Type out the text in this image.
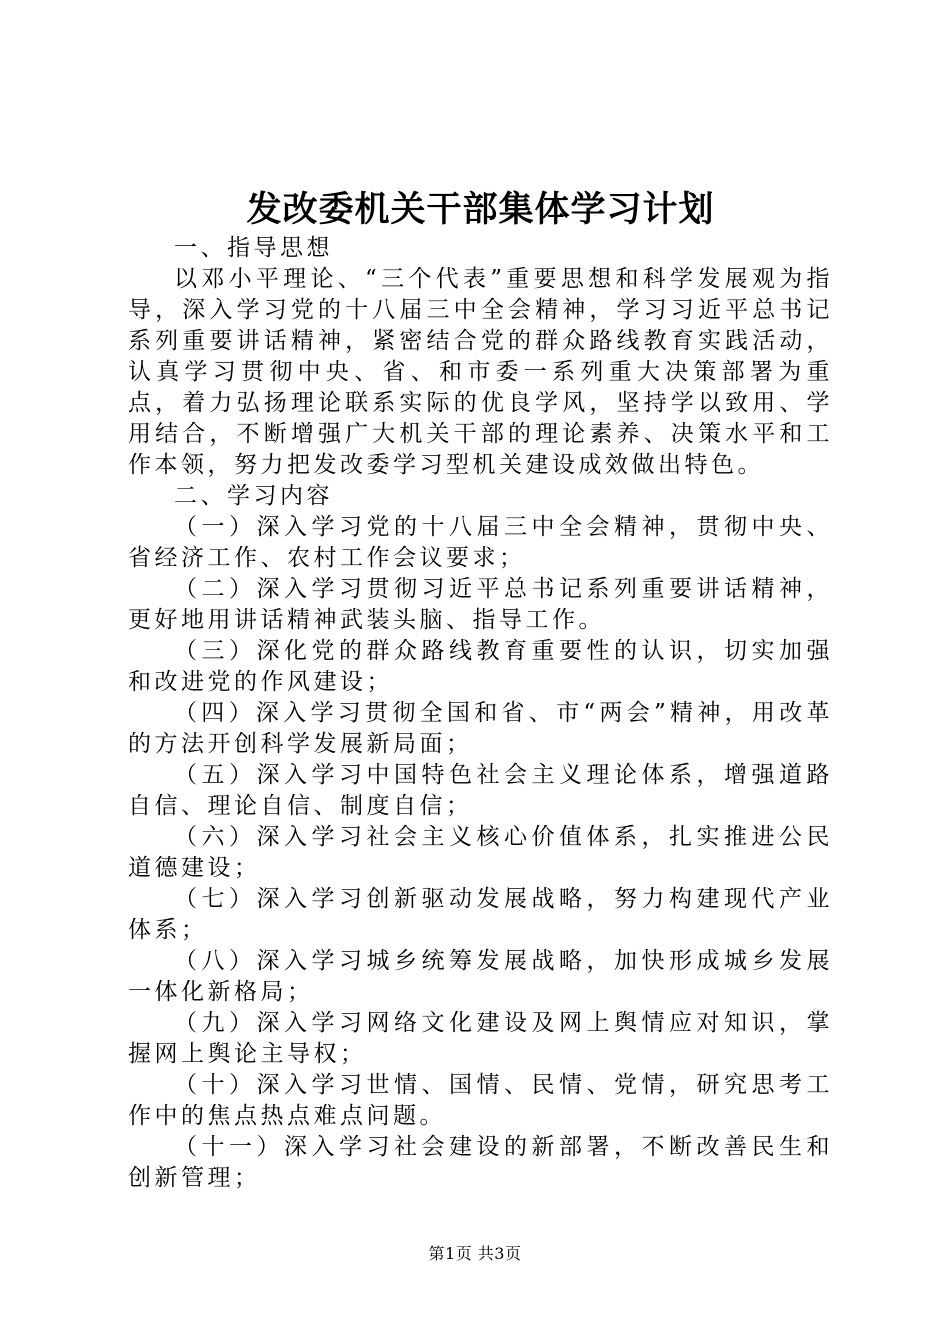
发改委机关干部集体学习计划

一、指导思想

以邓小平理论、“三个代表”重要思想和科学发展观为指导，深入学习党的十八届三中全会精神，学习习近平总书记系列重要讲话精神，紧密结合党的群众路线教育实践活动，认真学习贯彻中央、省、和市委一系列重大决策部署为重点，着力弘扬理论联系实际的优良学风，坚持学以致用、学用结合，不断增强广大机关干部的理论素养、决策水平和工作本领，努力把发改委学习型机关建设成效做出特色。

二、学习内容

（一）深入学习党的十八届三中全会精神，贯彻中央、省经济工作、农村工作会议要求；

（二）深入学习贯彻习近平总书记系列重要讲话精神，更好地用讲话精神武装头脑、指导工作。

（三）深化党的群众路线教育重要性的认识，切实加强和改进党的作风建设；

（四）深入学习贯彻全国和省、市“两会”精神，用改革的方法开创科学发展新局面；

（五）深入学习中国特色社会主义理论体系，增强道路自信、理论自信、制度自信；

（六）深入学习社会主义核心价值体系，扎实推进公民道德建设；

（七）深入学习创新驱动发展战略，努力构建现代产业体系；

（八）深入学习城乡统筹发展战略，加快形成城乡发展一体化新格局；

（九）深入学习网络文化建设及网上舆情应对知识，掌握网上舆论主导权；

（十）深入学习世情、国情、民情、党情，研究思考工作中的焦点热点难点问题。

（十一）深入学习社会建设的新部署，不断改善民生和创新管理；

第1页 共3页
